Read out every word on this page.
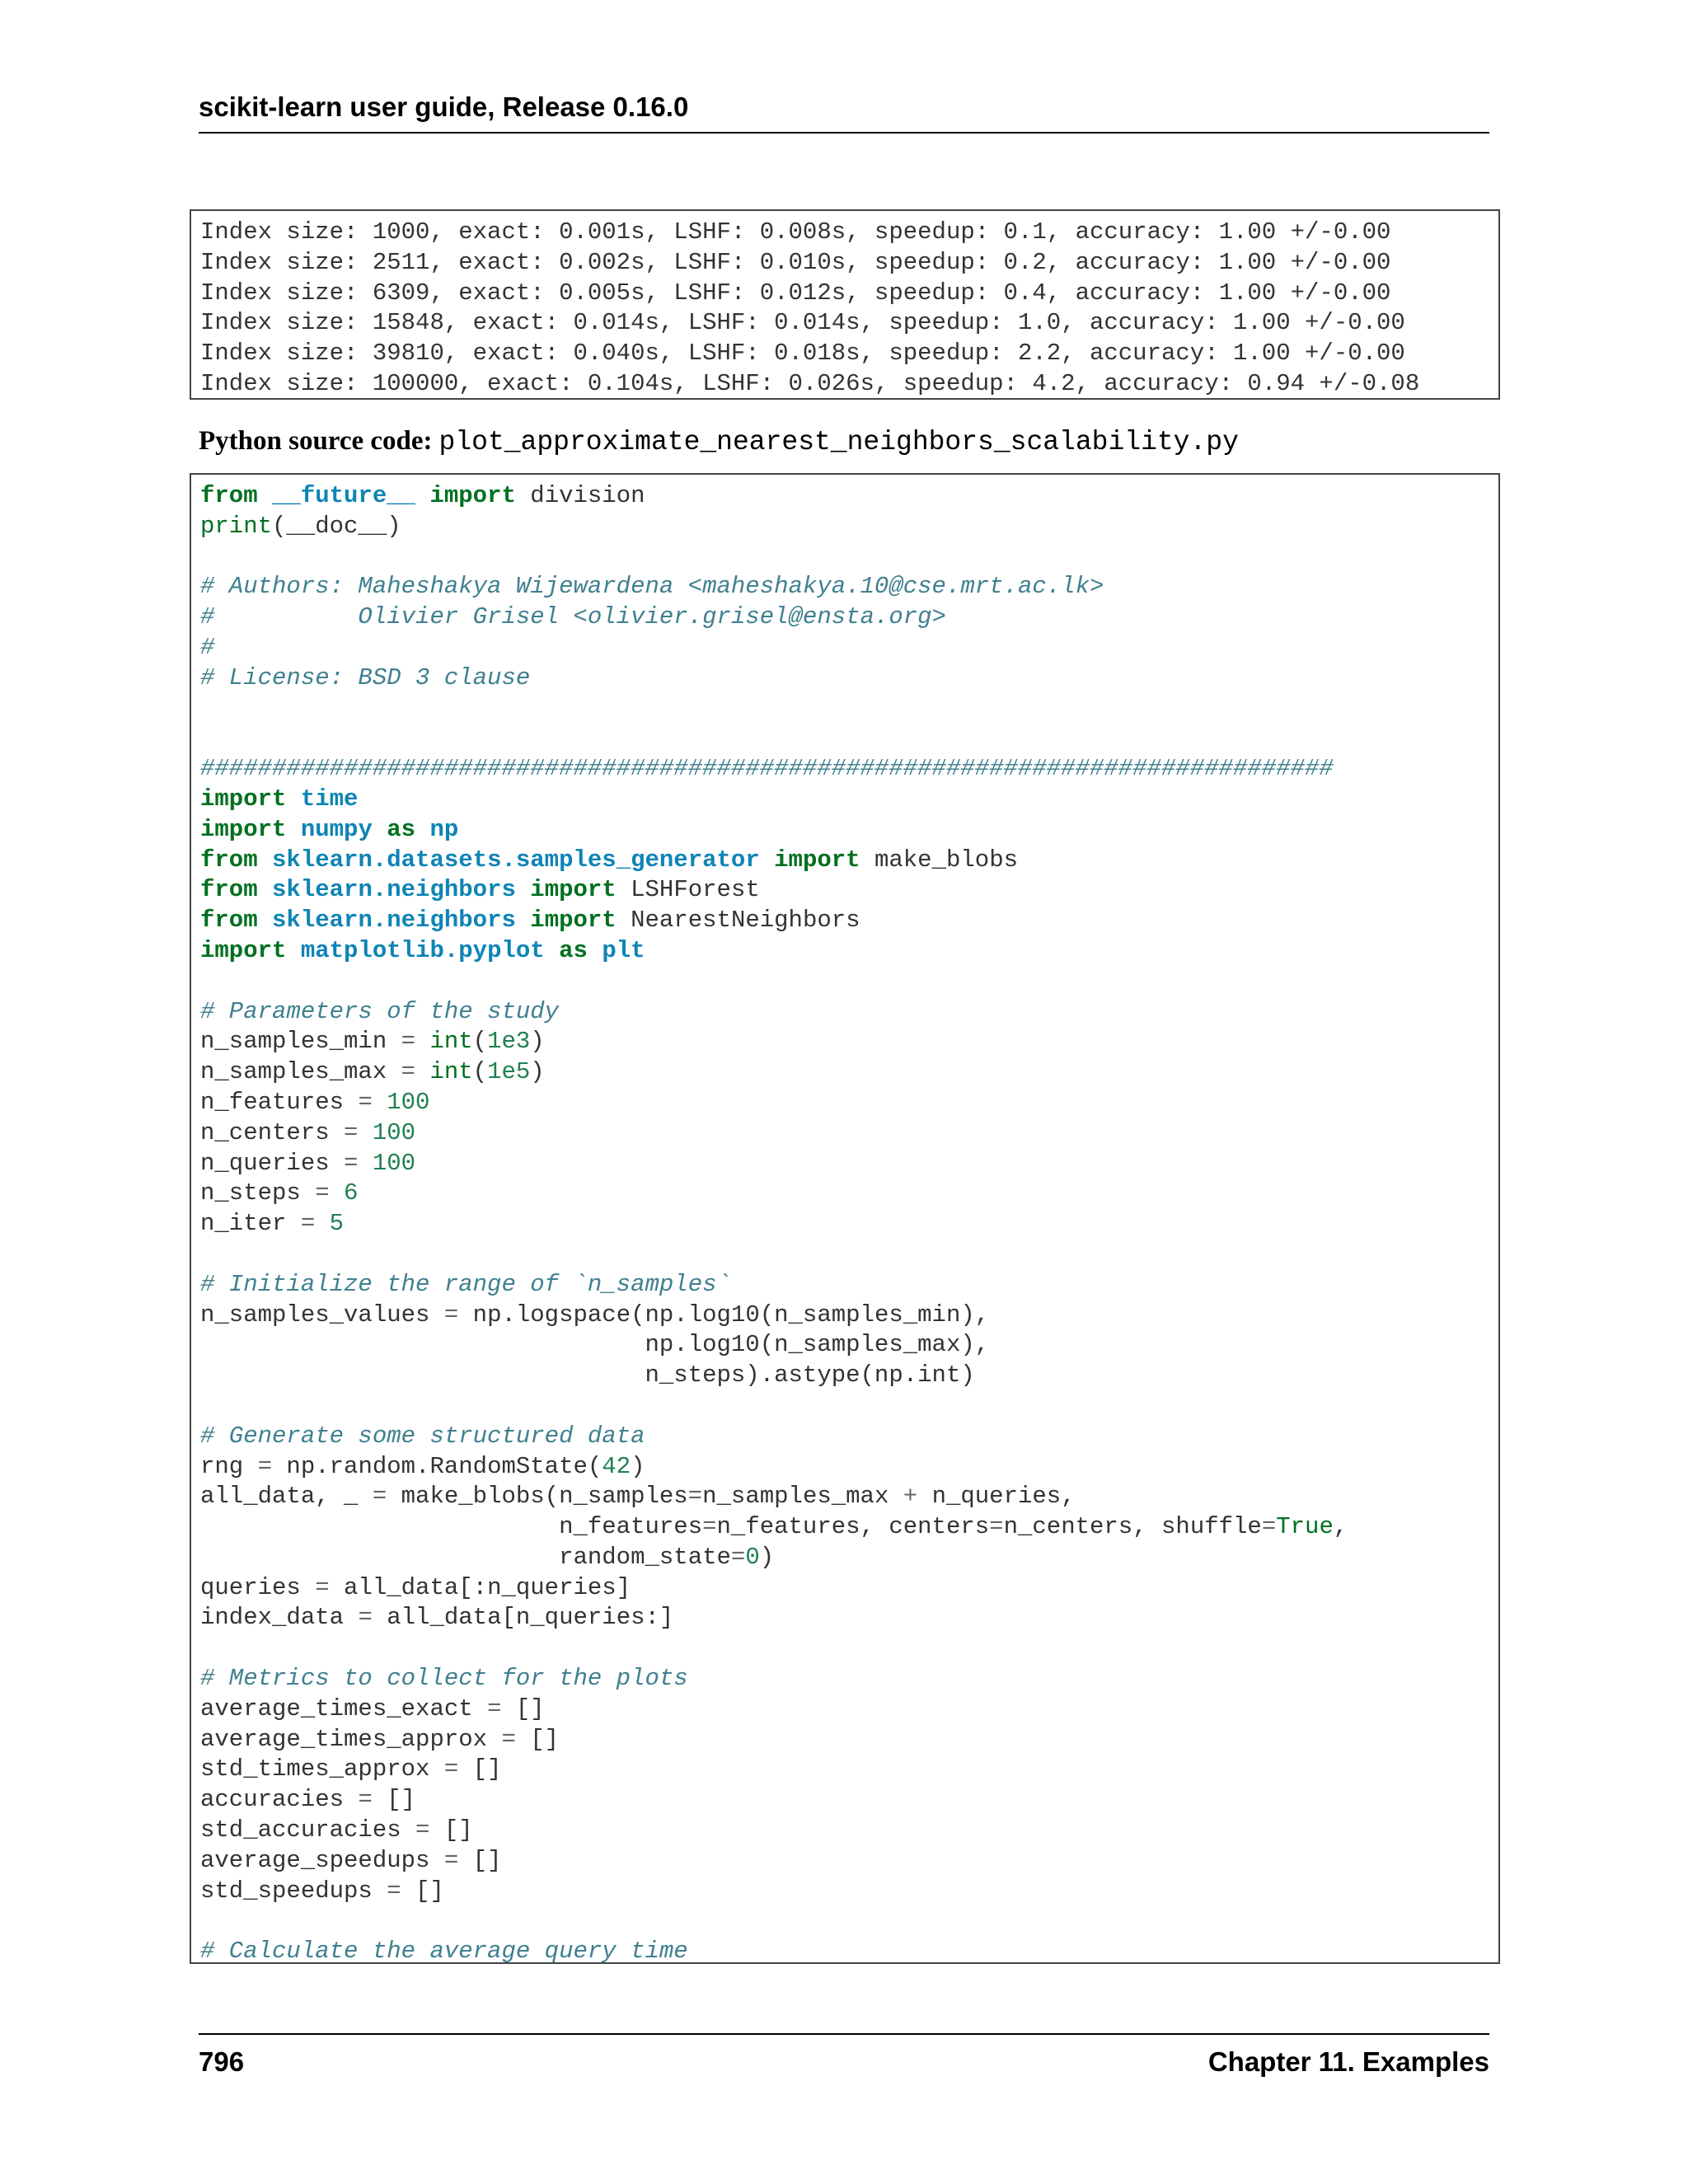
scikit-learn user guide, Release 0.16.0
Index size: 1000, exact: 0.001s, LSHF: 0.008s, speedup: 0.1, accuracy: 1.00 +/-0.00
Index size: 2511, exact: 0.002s, LSHF: 0.010s, speedup: 0.2, accuracy: 1.00 +/-0.00
Index size: 6309, exact: 0.005s, LSHF: 0.012s, speedup: 0.4, accuracy: 1.00 +/-0.00
Index size: 15848, exact: 0.014s, LSHF: 0.014s, speedup: 1.0, accuracy: 1.00 +/-0.00
Index size: 39810, exact: 0.040s, LSHF: 0.018s, speedup: 2.2, accuracy: 1.00 +/-0.00
Index size: 100000, exact: 0.104s, LSHF: 0.026s, speedup: 4.2, accuracy: 0.94 +/-0.08
Python source code: plot_approximate_nearest_neighbors_scalability.py
from __future__ import division
print(__doc__)
# Authors: Maheshakya Wijewardena <maheshakya.10@cse.mrt.ac.lk>
#          Olivier Grisel <olivier.grisel@ensta.org>
#
# License: BSD 3 clause
###############################################################################
import time
import numpy as np
from sklearn.datasets.samples_generator import make_blobs
from sklearn.neighbors import LSHForest
from sklearn.neighbors import NearestNeighbors
import matplotlib.pyplot as plt
# Parameters of the study
n_samples_min = int(1e3)
n_samples_max = int(1e5)
n_features = 100
n_centers = 100
n_queries = 100
n_steps = 6
n_iter = 5
# Initialize the range of `n_samples`
n_samples_values = np.logspace(np.log10(n_samples_min),
np.log10(n_samples_max),
n_steps).astype(np.int)
# Generate some structured data
rng = np.random.RandomState(42)
all_data, _ = make_blobs(n_samples=n_samples_max + n_queries,
n_features=n_features, centers=n_centers, shuffle=True,
random_state=0)
queries = all_data[:n_queries]
index_data = all_data[n_queries:]
# Metrics to collect for the plots
average_times_exact = []
average_times_approx = []
std_times_approx = []
accuracies = []
std_accuracies = []
average_speedups = []
std_speedups = []
# Calculate the average query time
796	Chapter 11. Examples
